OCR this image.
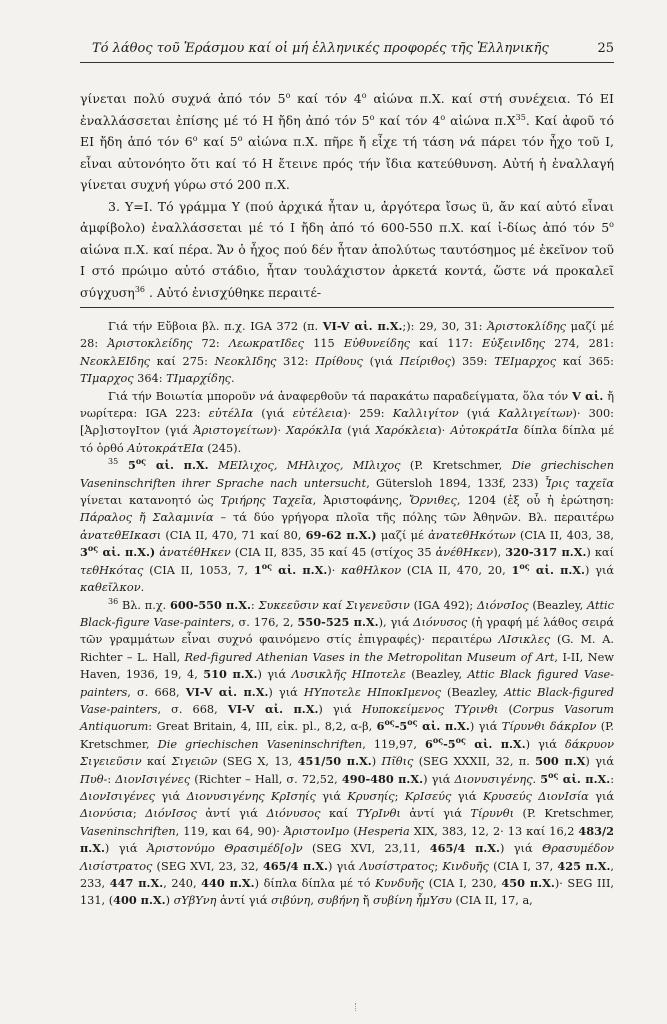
Τό λάθος τοῦ Ἐράσμου καί οἱ μή ἑλληνικές προφορές τῆς Ἑλληνικῆς	25

γίνεται πολύ συχνά ἀπό τόν $5^o$ καί τόν $4^o$ αἰώνα π.Χ. καί στή συνέχεια. Τό ΕΙ ἐναλλάσσεται ἐπίσης μέ τό Η ἤδη ἀπό τόν $5^o$ καί τόν $4^o$ αἰώνα $\pi.X^{35}$. Καί ἀφοῦ τό ΕΙ ἤδη ἀπό τόν $6^o$ καί $5^o$ αἰώνα π.Χ. πῆρε ἤ εἶχε τή τάση νά πάρει τόν ἦχο τοῦ Ι, εἶναι αὐτονόητο ὅτι καί τό Η ἔτεινε πρός τήν ἴδια κατεύθυνση. Αὐτή ἡ ἐναλλαγή γίνεται συχνή γύρω στό 200 π.Χ.

3. Υ=Ι. Τό γράμμα Υ (πού ἀρχικά ἦταν u, ἀργότερα ἴσως ü, ἄν καί αὐτό εἶναι ἀμφίβολο) ἐναλλάσσεται μέ τό Ι ἤδη ἀπό τό 600-550 π.Χ. καί ἰ-δίως ἀπό τόν $5^o$ αἰώνα π.Χ. καί πέρα. Ἄν ὁ ἦχος πού δέν ἦταν ἀπολύτως ταυτόσημος μέ ἐκεῖνον τοῦ Ι στό πρώιμο αὐτό στάδιο, ἦταν τουλάχιστον ἀρκετά κοντά, ὥστε νά προκαλεῖ σύγχυση$^{36}$ . Αὐτό ἐνισχύθηκε περαιτέ-

Γιά τήν Εὔβοια βλ. π.χ. IGA 372 (π. VI-V αἰ. π.Χ.;): 29, 30, 31: Ἀριστοκλίδης μαζί μέ 28: Ἀριστοκλείδης 72: ΛεωκρατΙδες 115 Εὐθυνείδης καί 117: ΕὐξεινΙδης 274, 281: ΝεοκλΕΙδης καί 275: ΝεοκλΙδης 312: Πρίθους (γιά Πείριθος) 359: ΤΕΙμαρχος καί 365: ΤΙμαρχος 364: ΤΙμαρχίδης.

Γιά τήν Βοιωτία μποροῦν νά ἀναφερθοῦν τά παρακάτω παραδείγματα, ὅλα τόν V αἰ. ἤ νωρίτερα: IGA 223: εὐτέλΙα (γιά εὐτέλεια)· 259: Καλλιγίτον (γιά Καλλιγείτων)· 300: [Ἀρ]ιστογΙτον (γιά Ἀριστογείτων)· ΧαρόκλΙα (γιά Χαρόκλεια)· ΑὐτοκράτΙα δίπλα δίπλα μέ τό ὀρθό ΑὐτοκράτΕΙα (245).

$^{35}$ $5^{o\varsigma}$ αἰ. π.Χ. ΜΕΙλιχος, ΜΗλιχος, ΜΙλιχος (P. Kretschmer, Die griechischen Vaseninschriften ihrer Sprache nach untersucht, Gütersloh 1894, 133f, 233) Ἶρις ταχεῖα γίνεται κατανοητό ὡς Τριήρης Ταχεῖα, Ἀριστοφάνης, Ὄρνιθες, 1204 (ἐξ οὗ ἡ ἐρώτηση: Πάραλος ἤ Σαλαμινία – τά δύο γρήγορα πλοῖα τῆς πόλης τῶν Ἀθηνῶν. Βλ. περαιτέρω ἀνατεθΕΙκασι (CIA II, 470, 71 καί 80, 69-62 π.Χ.) μαζί μέ ἀνατεθΗκότων (CIA II, 403, 38, $3^{o\varsigma}$ αἰ. π.Χ.) ἀνατέθΗκεν (CIA II, 835, 35 καί 45 (στίχος 35 ἀνέθΗκεν), 320-317 π.Χ.) καί τεθΗκότας (CIA II, 1053, 7, $1^{o\varsigma}$ αἰ. π.Χ.)· καθΗλκον (CIA II, 470, 20, $1^{o\varsigma}$ αἰ. π.Χ.) γιά καθεῖλκον.

$^{36}$ Βλ. π.χ. 600-550 π.Χ.: Συκεεῦσιν καί Σιγενεῦσιν (IGA 492); ΔιόνσΙος (Beazley, Attic Black-figure Vase-painters, σ. 176, 2, 550-525 π.Χ.), γιά Διόνυσος (ἡ γραφή μέ λάθος σειρά τῶν γραμμάτων εἶναι συχνό φαινόμενο στίς ἐπιγραφές)· περαιτέρω ΛΙσικλες (G. M. A. Richter – L. Hall, Red-figured Athenian Vases in the Metropolitan Museum of Art, I-II, New Haven, 1936, 19, 4, 510 π.Χ.) γιά Λυσικλῆς ΗΙποτελε (Beazley, Attic Black figured Vase-painters, σ. 668, VI-V αἰ. π.Χ.) γιά ΗΥποτελε ΗΙποκΙμενος (Beazley, Attic Black-figured Vase-painters, σ. 668, VI-V αἰ. π.Χ.) γιά Ηυποκείμενος ΤΥρινθι (Corpus Vasorum Antiquorum: Great Britain, 4, III, εἰκ. pl., 8,2, α-β, $6^{o\varsigma}-5^{o\varsigma}$ αἰ. π.Χ.) γιά Τίρυνθι δάκρΙον (P. Kretschmer, Die griechischen Vaseninschriften, 119,97, $6^{o\varsigma}-5^{o\varsigma}$ αἰ. π.Χ.) γιά δάκρυον Σιγειεῦσιν καί Σιγειῶν (SEG X, 13, 451/50 π.Χ.) Πῖθις (SEG XXXII, 32, π. 500 π.Χ) γιά Πυθ-: ΔιονΙσιγένες (Richter – Hall, σ. 72,52, 490-480 π.Χ.) γιά Διονυσιγένης. $5^{o\varsigma}$ αἰ. π.Χ.: ΔιονΙσιγένες γιά Διονυσιγένης ΚρΙσηίς γιά Κρυσηίς; ΚρΙσεύς γιά Κρυσεύς ΔιονΙσία γιά Διονύσια; ΔιόνΙσος ἀντί γιά Διόνυσος καί ΤΥρΙνθι ἀντί γιά Τίρυνθι (P. Kretschmer, Vaseninschriften, 119, και 64, 90)· ἈριστονΙμο (Hesperia XIX, 383, 12, 2· 13 καί 16,2 483/2 π.Χ.) γιά Ἀριστονύμο Θρασιμέδ[ο]ν (SEG XVI, 23,11, 465/4 π.Χ.) γιά Θρασυμέδον Λισίστρατος (SEG XVI, 23, 32, 465/4 π.Χ.) γιά Λυσίστρατος; Κινδυῆς (CIA I, 37, 425 π.Χ., 233, 447 π.Χ., 240, 440 π.Χ.) δίπλα δίπλα μέ τό Κυνδυῆς (CIA I, 230, 450 π.Χ.)· SEG III, 131, (400 π.Χ.) σΥβΥνη ἀντί γιά σιβύνη, συβήνη ἤ συβίνη ἦμΥσυ (CIA II, 17, a,
